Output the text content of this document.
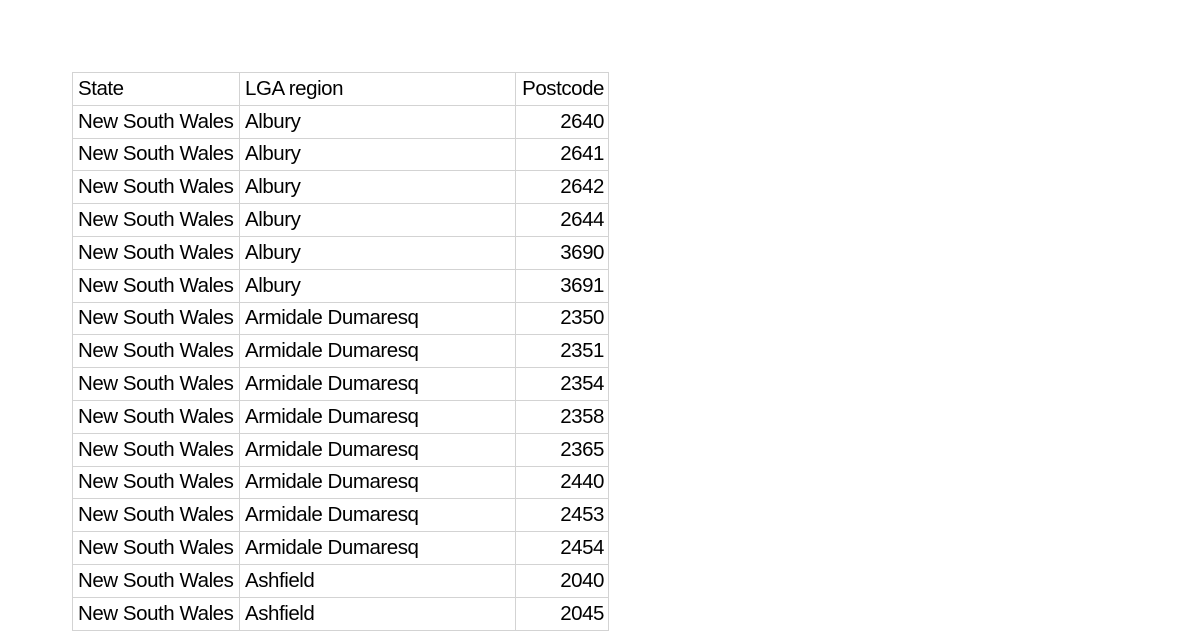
State	LGA region	Postcode
New South Wales	Albury	2640
New South Wales	Albury	2641
New South Wales	Albury	2642
New South Wales	Albury	2644
New South Wales	Albury	3690
New South Wales	Albury	3691
New South Wales	Armidale Dumaresq	2350
New South Wales	Armidale Dumaresq	2351
New South Wales	Armidale Dumaresq	2354
New South Wales	Armidale Dumaresq	2358
New South Wales	Armidale Dumaresq	2365
New South Wales	Armidale Dumaresq	2440
New South Wales	Armidale Dumaresq	2453
New South Wales	Armidale Dumaresq	2454
New South Wales	Ashfield	2040
New South Wales	Ashfield	2045
